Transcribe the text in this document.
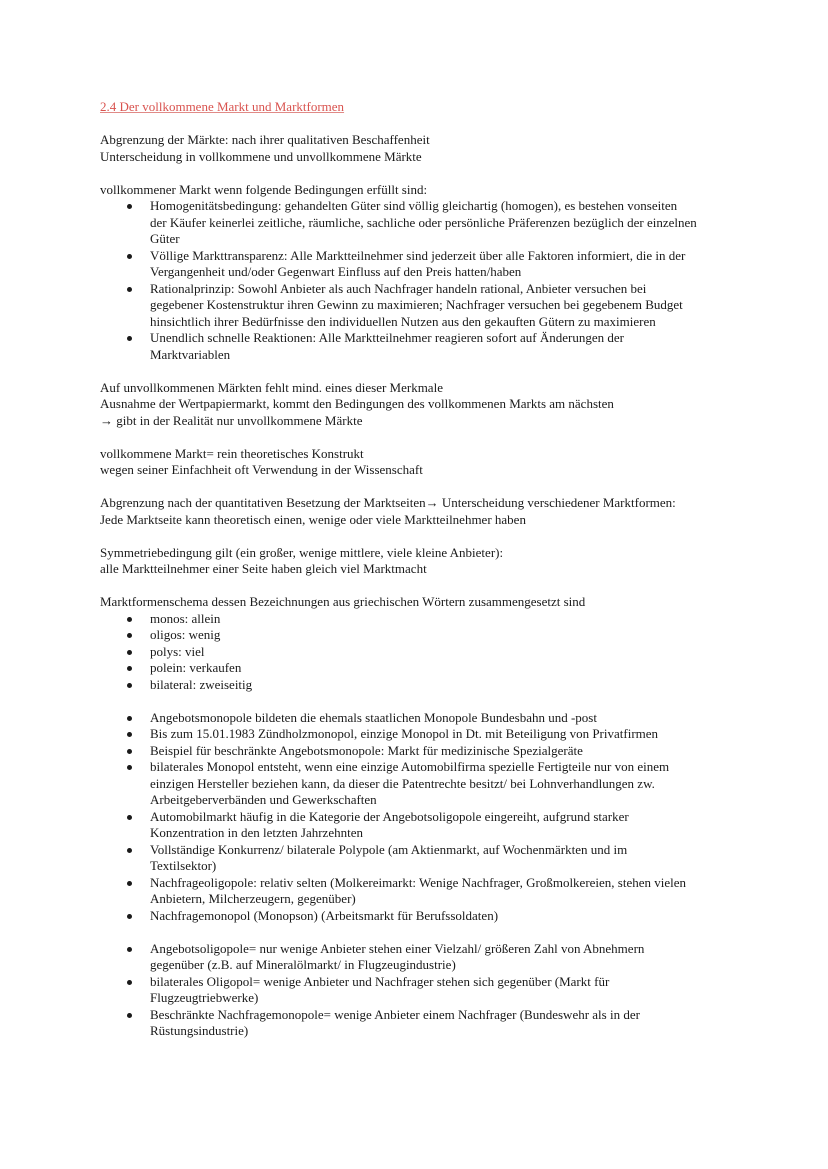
2.4 Der vollkommene Markt und Marktformen
Abgrenzung der Märkte: nach ihrer qualitativen Beschaffenheit
Unterscheidung in vollkommene und unvollkommene Märkte
vollkommener Markt wenn folgende Bedingungen erfüllt sind:
Homogenitätsbedingung: gehandelten Güter sind völlig gleichartig (homogen), es bestehen vonseiten
der Käufer keinerlei zeitliche, räumliche, sachliche oder persönliche Präferenzen bezüglich der einzelnen
Güter
Völlige Markttransparenz: Alle Marktteilnehmer sind jederzeit über alle Faktoren informiert, die in der
Vergangenheit und/oder Gegenwart Einfluss auf den Preis hatten/haben
Rationalprinzip: Sowohl Anbieter als auch Nachfrager handeln rational, Anbieter versuchen bei
gegebener Kostenstruktur ihren Gewinn zu maximieren; Nachfrager versuchen bei gegebenem Budget
hinsichtlich ihrer Bedürfnisse den individuellen Nutzen aus den gekauften Gütern zu maximieren
Unendlich schnelle Reaktionen: Alle Marktteilnehmer reagieren sofort auf Änderungen der
Marktvariablen
Auf unvollkommenen Märkten fehlt mind. eines dieser Merkmale
Ausnahme der Wertpapiermarkt, kommt den Bedingungen des vollkommenen Markts am nächsten
→ gibt in der Realität nur unvollkommene Märkte
vollkommene Markt= rein theoretisches Konstrukt
wegen seiner Einfachheit oft Verwendung in der Wissenschaft
Abgrenzung nach der quantitativen Besetzung der Marktseiten→ Unterscheidung verschiedener Marktformen:
Jede Marktseite kann theoretisch einen, wenige oder viele Marktteilnehmer haben
Symmetriebedingung gilt (ein großer, wenige mittlere, viele kleine Anbieter):
alle Marktteilnehmer einer Seite haben gleich viel Marktmacht
Marktformenschema dessen Bezeichnungen aus griechischen Wörtern zusammengesetzt sind
monos: allein
oligos: wenig
polys: viel
polein: verkaufen
bilateral: zweiseitig
Angebotsmonopole bildeten die ehemals staatlichen Monopole Bundesbahn und -post
Bis zum 15.01.1983 Zündholzmonopol, einzige Monopol in Dt. mit Beteiligung von Privatfirmen
Beispiel für beschränkte Angebotsmonopole: Markt für medizinische Spezialgeräte
bilaterales Monopol entsteht, wenn eine einzige Automobilfirma spezielle Fertigteile nur von einem
einzigen Hersteller beziehen kann, da dieser die Patentrechte besitzt/ bei Lohnverhandlungen zw.
Arbeitgeberverbänden und Gewerkschaften
Automobilmarkt häufig in die Kategorie der Angebotsoligopole eingereiht, aufgrund starker
Konzentration in den letzten Jahrzehnten
Vollständige Konkurrenz/ bilaterale Polypole (am Aktienmarkt, auf Wochenmärkten und im
Textilsektor)
Nachfrageoligopole: relativ selten (Molkereimarkt: Wenige Nachfrager, Großmolkereien, stehen vielen
Anbietern, Milcherzeugern, gegenüber)
Nachfragemonopol (Monopson) (Arbeitsmarkt für Berufssoldaten)
Angebotsoligopole= nur wenige Anbieter stehen einer Vielzahl/ größeren Zahl von Abnehmern
gegenüber (z.B. auf Mineralölmarkt/ in Flugzeugindustrie)
bilaterales Oligopol= wenige Anbieter und Nachfrager stehen sich gegenüber (Markt für
Flugzeugtriebwerke)
Beschränkte Nachfragemonopole= wenige Anbieter einem Nachfrager (Bundeswehr als in der
Rüstungsindustrie)
